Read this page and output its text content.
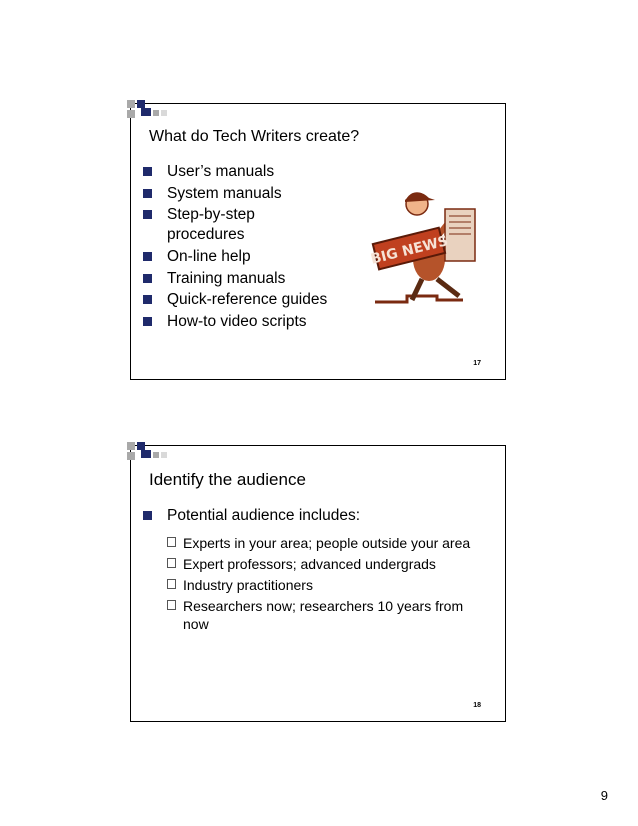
What do Tech Writers create?
User’s manuals
System manuals
Step-by-step procedures
On-line help
Training manuals
Quick-reference guides
How-to video scripts
BIG NEWS
17
Identify the audience
Potential audience includes:
Experts in your area; people outside your area
Expert professors; advanced undergrads
Industry practitioners
Researchers now; researchers 10 years from now
18
9
